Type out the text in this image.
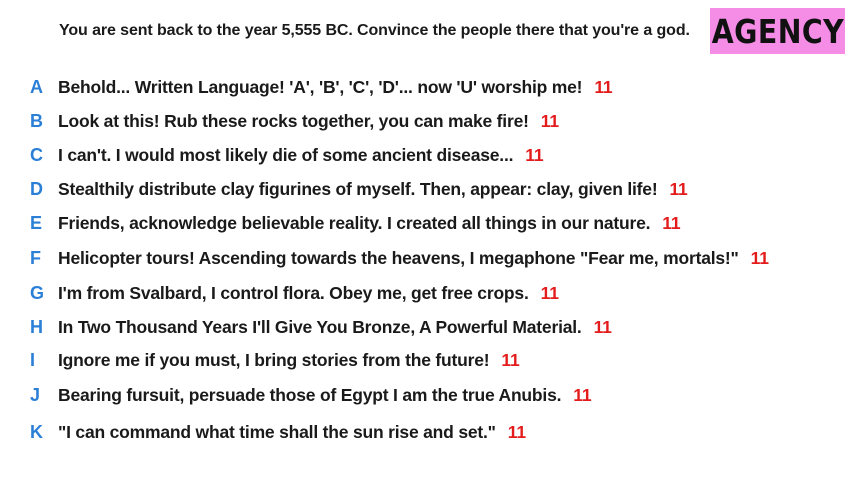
You are sent back to the year 5,555 BC. Convince the people there that you're a god. AGENCY
A Behold... Written Language! 'A', 'B', 'C', 'D'... now 'U' worship me! 11
B Look at this! Rub these rocks together, you can make fire! 11
C I can't. I would most likely die of some ancient disease... 11
D Stealthily distribute clay figurines of myself. Then, appear: clay, given life! 11
E Friends, acknowledge believable reality. I created all things in our nature. 11
F Helicopter tours! Ascending towards the heavens, I megaphone "Fear me, mortals!" 11
G I'm from Svalbard, I control flora. Obey me, get free crops. 11
H In Two Thousand Years I'll Give You Bronze, A Powerful Material. 11
I	Ignore me if you must, I bring stories from the future! 11
J	Bearing fursuit, persuade those of Egypt I am the true Anubis. 11
K "I can command what time shall the sun rise and set." 11
